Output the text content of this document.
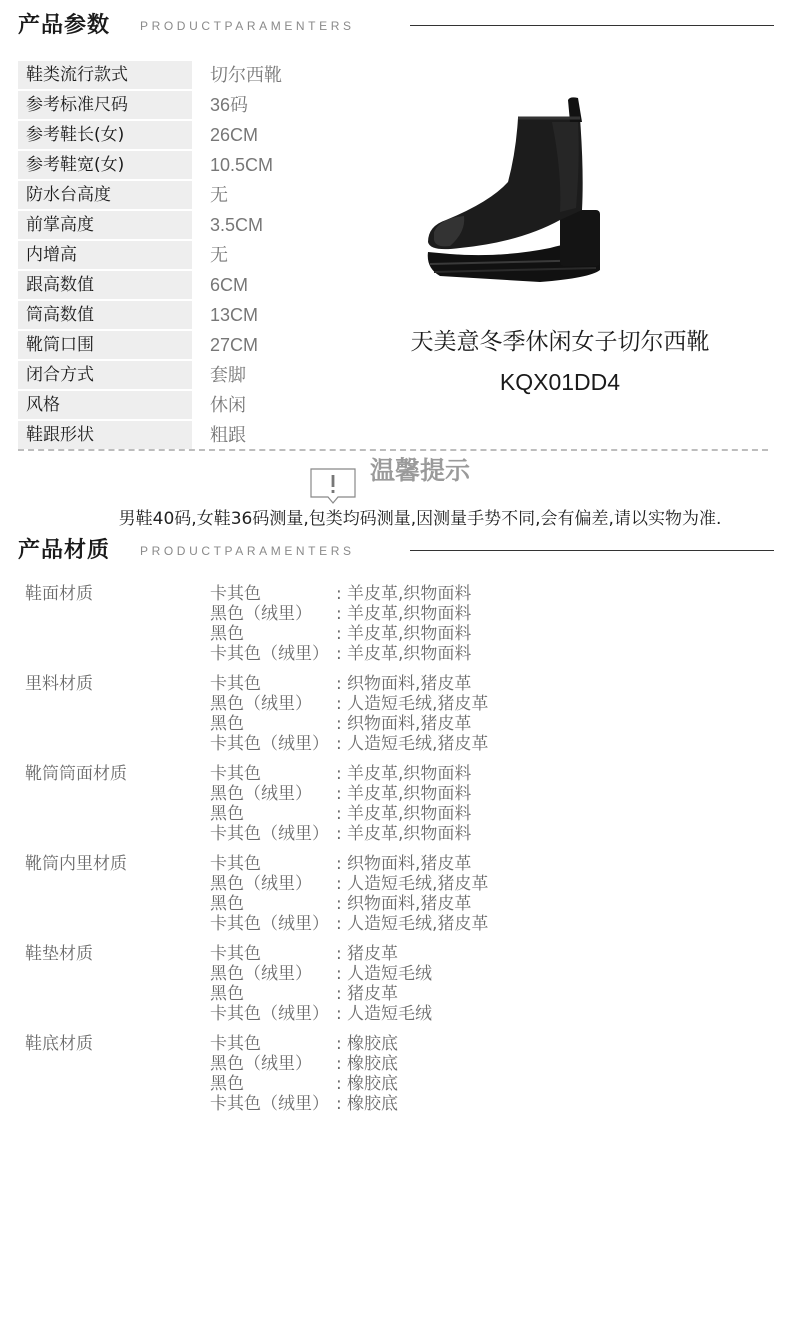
产品参数 PRODUCTPARAMENTERS
鞋类流行款式	切尔西靴
参考标准尺码	36码
参考鞋长(女)	26CM
参考鞋宽(女)	10.5CM
防水台高度	无
前掌高度	3.5CM
内增高	无
跟高数值	6CM
筒高数值	13CM
靴筒口围	27CM
闭合方式	套脚
风格	休闲
鞋跟形状	粗跟
天美意冬季休闲女子切尔西靴
KQX01DD4
温馨提示
男鞋40码,女鞋36码测量,包类均码测量,因测量手势不同,会有偏差,请以实物为准.
产品材质 PRODUCTPARAMENTERS
鞋面材质	卡其色	: 羊皮革,织物面料
黑色（绒里） : 羊皮革,织物面料
黑色	: 羊皮革,织物面料
卡其色（绒里） : 羊皮革,织物面料
里料材质	卡其色	: 织物面料,猪皮革
黑色（绒里） : 人造短毛绒,猪皮革
黑色	: 织物面料,猪皮革
卡其色（绒里） : 人造短毛绒,猪皮革
靴筒筒面材质	卡其色	: 羊皮革,织物面料
黑色（绒里） : 羊皮革,织物面料
黑色	: 羊皮革,织物面料
卡其色（绒里） : 羊皮革,织物面料
靴筒内里材质	卡其色	: 织物面料,猪皮革
黑色（绒里） : 人造短毛绒,猪皮革
黑色	: 织物面料,猪皮革
卡其色（绒里） : 人造短毛绒,猪皮革
鞋垫材质	卡其色	: 猪皮革
黑色（绒里） : 人造短毛绒
黑色	: 猪皮革
卡其色（绒里） : 人造短毛绒
鞋底材质	卡其色	: 橡胶底
黑色（绒里） : 橡胶底
黑色	: 橡胶底
卡其色（绒里） : 橡胶底
